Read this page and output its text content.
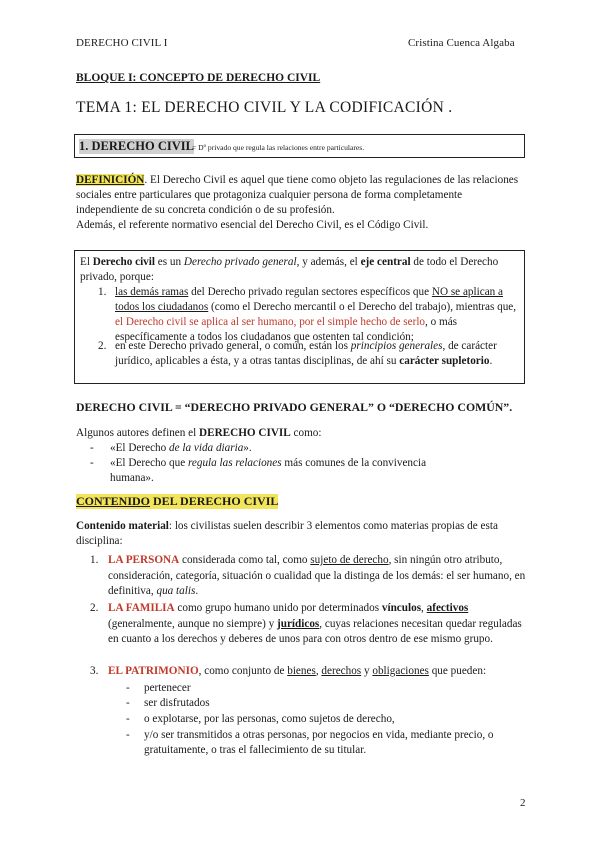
DERECHO CIVIL I	Cristina Cuenca Algaba
BLOQUE I: CONCEPTO DE DERECHO CIVIL
TEMA 1: EL DERECHO CIVIL Y LA CODIFICACIÓN .
1. DERECHO CIVIL
= Dº privado que regula las relaciones entre particulares.
DEFINICIÓN. El Derecho Civil es aquel que tiene como objeto las regulaciones de las relaciones sociales entre particulares que protagoniza cualquier persona de forma completamente independiente de su concreta condición o de su profesión.
Además, el referente normativo esencial del Derecho Civil, es el Código Civil.
El Derecho civil es un Derecho privado general, y además, el eje central de todo el Derecho privado, porque:
1. las demás ramas del Derecho privado regulan sectores específicos que NO se aplican a todos los ciudadanos (como el Derecho mercantil o el Derecho del trabajo), mientras que, el Derecho civil se aplica al ser humano, por el simple hecho de serlo, o más específicamente a todos los ciudadanos que ostenten tal condición;
2. en este Derecho privado general, o común, están los principios generales, de carácter jurídico, aplicables a ésta, y a otras tantas disciplinas, de ahí su carácter supletorio.
DERECHO CIVIL = “DERECHO PRIVADO GENERAL” O “DERECHO COMÚN”.
Algunos autores definen el DERECHO CIVIL como:
- «El Derecho de la vida diaria».
- «El Derecho que regula las relaciones más comunes de la convivencia humana».
CONTENIDO DEL DERECHO CIVIL
Contenido material: los civilistas suelen describir 3 elementos como materias propias de esta disciplina:
1. LA PERSONA considerada como tal, como sujeto de derecho, sin ningún otro atributo, consideración, categoría, situación o cualidad que la distinga de los demás: el ser humano, en definitiva, qua talis.
2. LA FAMILIA como grupo humano unido por determinados vínculos, afectivos (generalmente, aunque no siempre) y jurídicos, cuyas relaciones necesitan quedar reguladas en cuanto a los derechos y deberes de unos para con otros dentro de ese mismo grupo.
3. EL PATRIMONIO, como conjunto de bienes, derechos y obligaciones que pueden:
- pertenecer
- ser disfrutados
- o explotarse, por las personas, como sujetos de derecho,
- y/o ser transmitidos a otras personas, por negocios en vida, mediante precio, o gratuitamente, o tras el fallecimiento de su titular.
2
